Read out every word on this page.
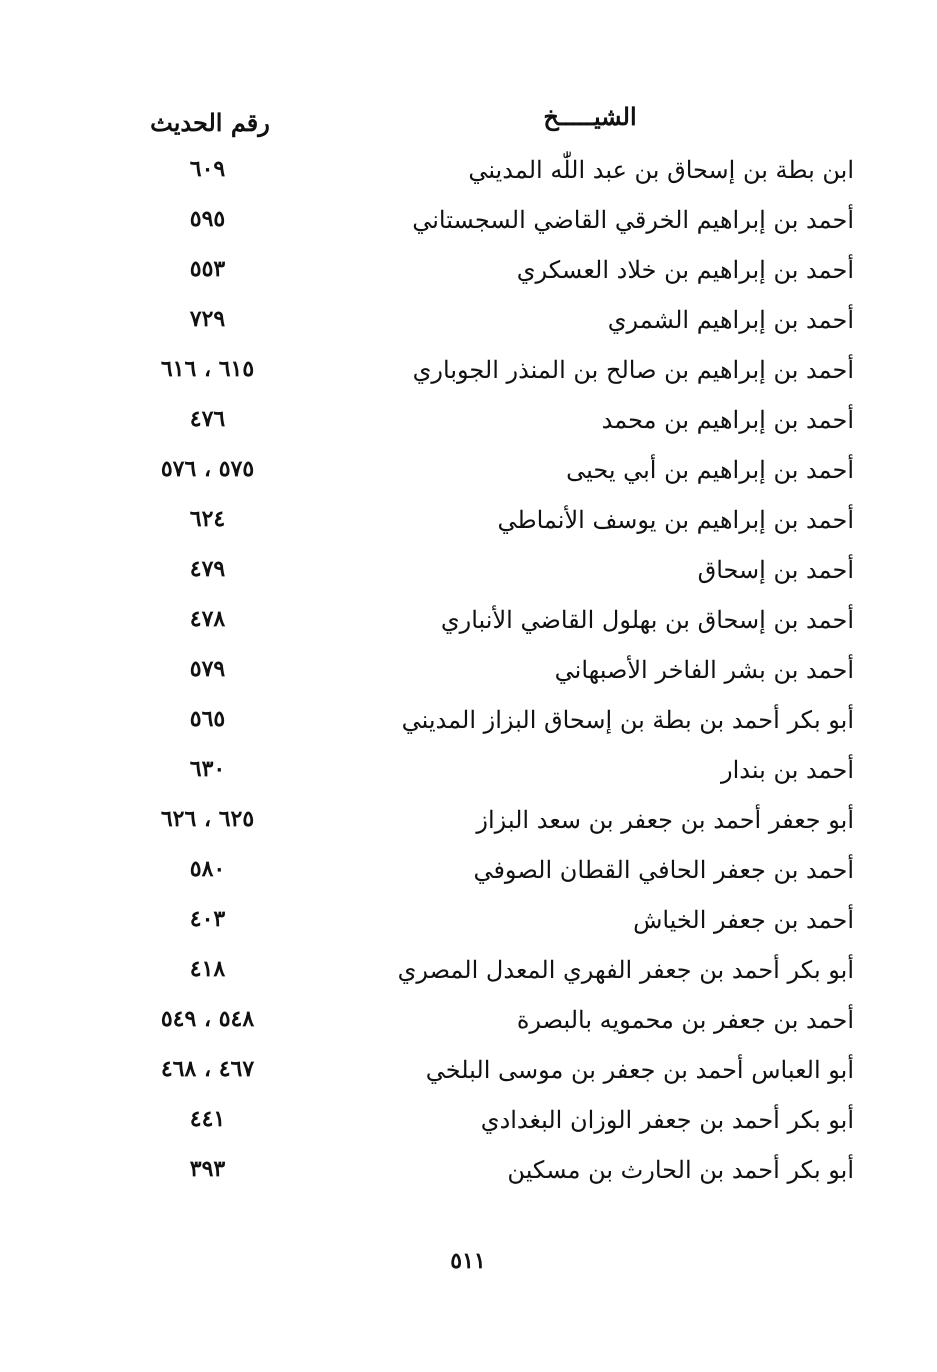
الشيـــــخ
رقم الحديث
ابن بطة بن إسحاق بن عبد اللّٰه المديني
٦٠٩
أحمد بن إبراهيم الخرقي القاضي السجستاني
٥٩٥
أحمد بن إبراهيم بن خلاد العسكري
٥٥٣
أحمد بن إبراهيم الشمري
٧٢٩
أحمد بن إبراهيم بن صالح بن المنذر الجوباري
٦١٥ ، ٦١٦
أحمد بن إبراهيم بن محمد
٤٧٦
أحمد بن إبراهيم بن أبي يحيى
٥٧٥ ، ٥٧٦
أحمد بن إبراهيم بن يوسف الأنماطي
٦٢٤
أحمد بن إسحاق
٤٧٩
أحمد بن إسحاق بن بهلول القاضي الأنباري
٤٧٨
أحمد بن بشر الفاخر الأصبهاني
٥٧٩
أبو بكر أحمد بن بطة بن إسحاق البزاز المديني
٥٦٥
أحمد بن بندار
٦٣٠
أبو جعفر أحمد بن جعفر بن سعد البزاز
٦٢٥ ، ٦٢٦
أحمد بن جعفر الحافي القطان الصوفي
٥٨٠
أحمد بن جعفر الخياش
٤٠٣
أبو بكر أحمد بن جعفر الفهري المعدل المصري
٤١٨
أحمد بن جعفر بن محمويه بالبصرة
٥٤٨ ، ٥٤٩
أبو العباس أحمد بن جعفر بن موسى البلخي
٤٦٧ ، ٤٦٨
أبو بكر أحمد بن جعفر الوزان البغدادي
٤٤١
أبو بكر أحمد بن الحارث بن مسكين
٣٩٣
٥١١
